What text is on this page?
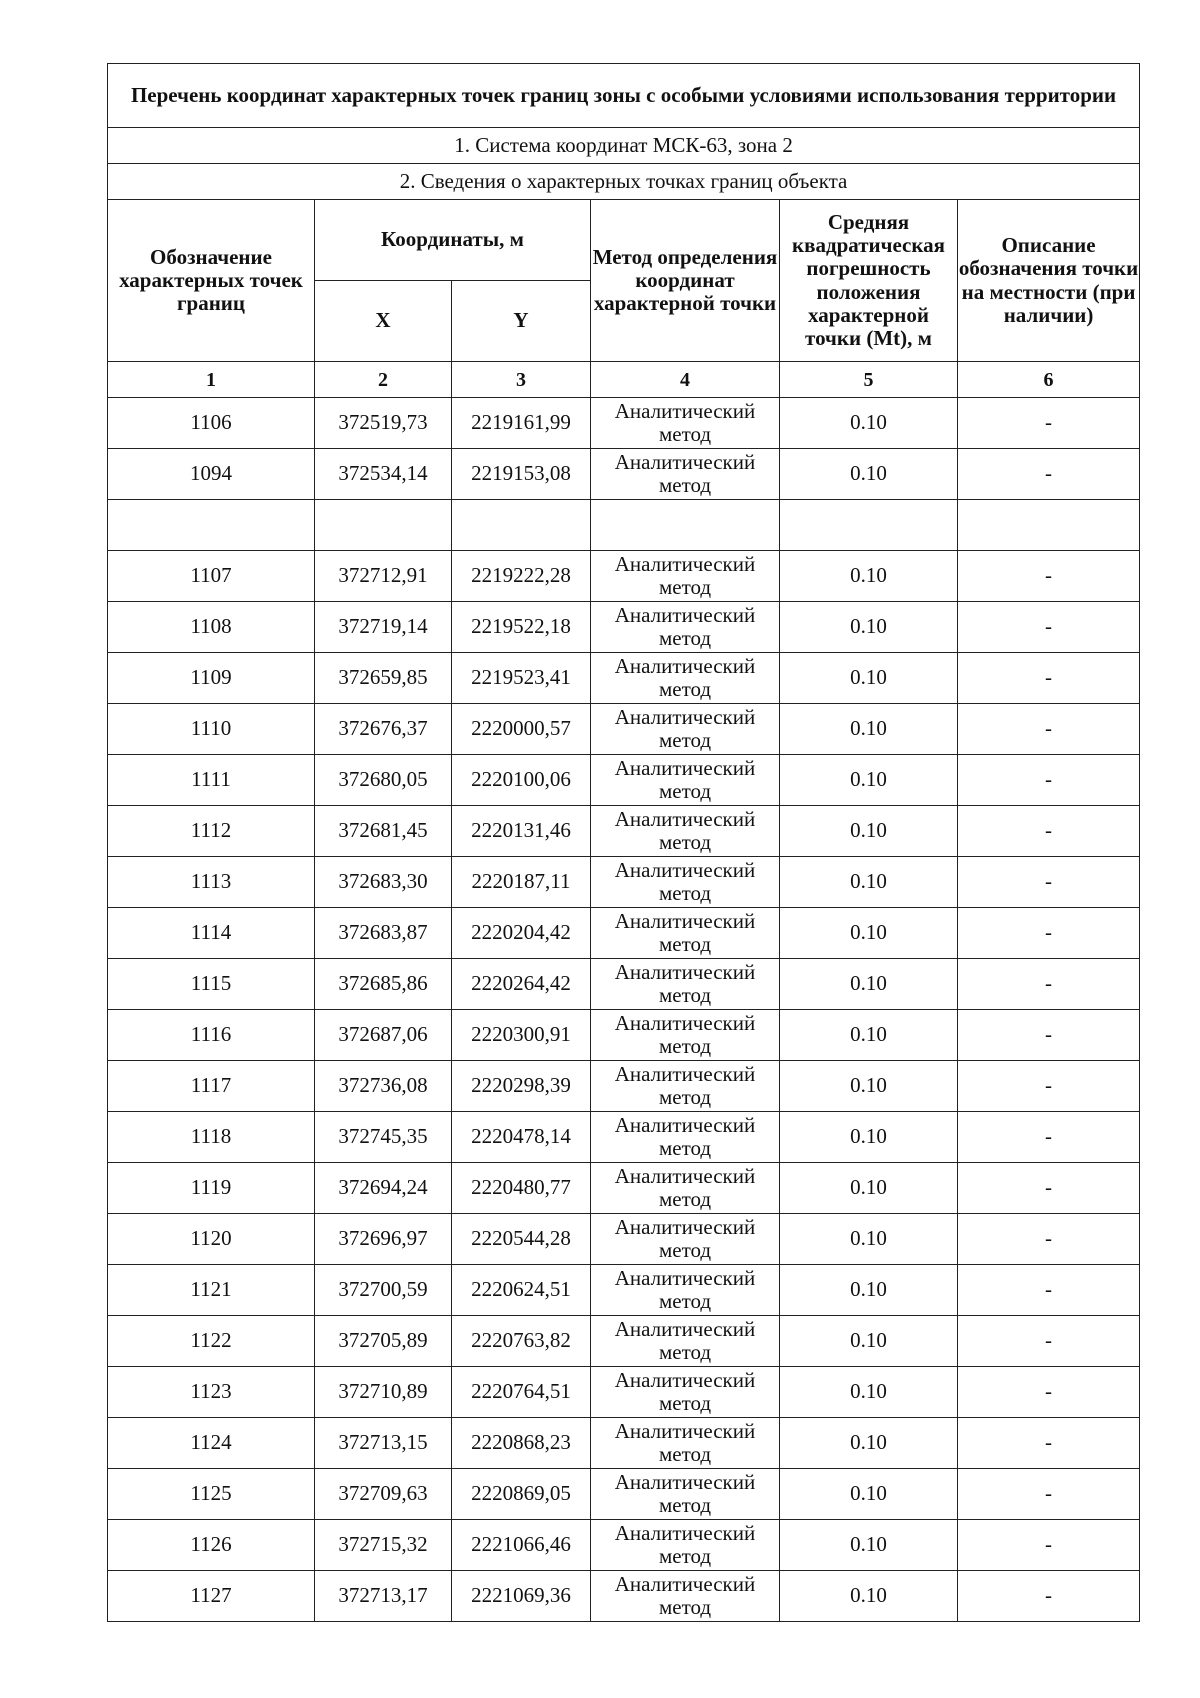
Перечень координат характерных точек границ зоны с особыми условиями использования территории					
1. Система координат МСК-63, зона 2					
2. Сведения о характерных точках границ объекта					
Обозначение характерных точек границ	Координаты, м		Метод определения координат характерной точки	Средняя квадратическая погрешность положения характерной точки (Mt), м	Описание обозначения точки на местности (при наличии)
	X	Y			
1	2	3	4	5	6
1106	372519,73	2219161,99	Аналитический метод	0.10	-
1094	372534,14	2219153,08	Аналитический метод	0.10	-

1107	372712,91	2219222,28	Аналитический метод	0.10	-
1108	372719,14	2219522,18	Аналитический метод	0.10	-
1109	372659,85	2219523,41	Аналитический метод	0.10	-
1110	372676,37	2220000,57	Аналитический метод	0.10	-
1111	372680,05	2220100,06	Аналитический метод	0.10	-
1112	372681,45	2220131,46	Аналитический метод	0.10	-
1113	372683,30	2220187,11	Аналитический метод	0.10	-
1114	372683,87	2220204,42	Аналитический метод	0.10	-
1115	372685,86	2220264,42	Аналитический метод	0.10	-
1116	372687,06	2220300,91	Аналитический метод	0.10	-
1117	372736,08	2220298,39	Аналитический метод	0.10	-
1118	372745,35	2220478,14	Аналитический метод	0.10	-
1119	372694,24	2220480,77	Аналитический метод	0.10	-
1120	372696,97	2220544,28	Аналитический метод	0.10	-
1121	372700,59	2220624,51	Аналитический метод	0.10	-
1122	372705,89	2220763,82	Аналитический метод	0.10	-
1123	372710,89	2220764,51	Аналитический метод	0.10	-
1124	372713,15	2220868,23	Аналитический метод	0.10	-
1125	372709,63	2220869,05	Аналитический метод	0.10	-
1126	372715,32	2221066,46	Аналитический метод	0.10	-
1127	372713,17	2221069,36	Аналитический метод	0.10	-
